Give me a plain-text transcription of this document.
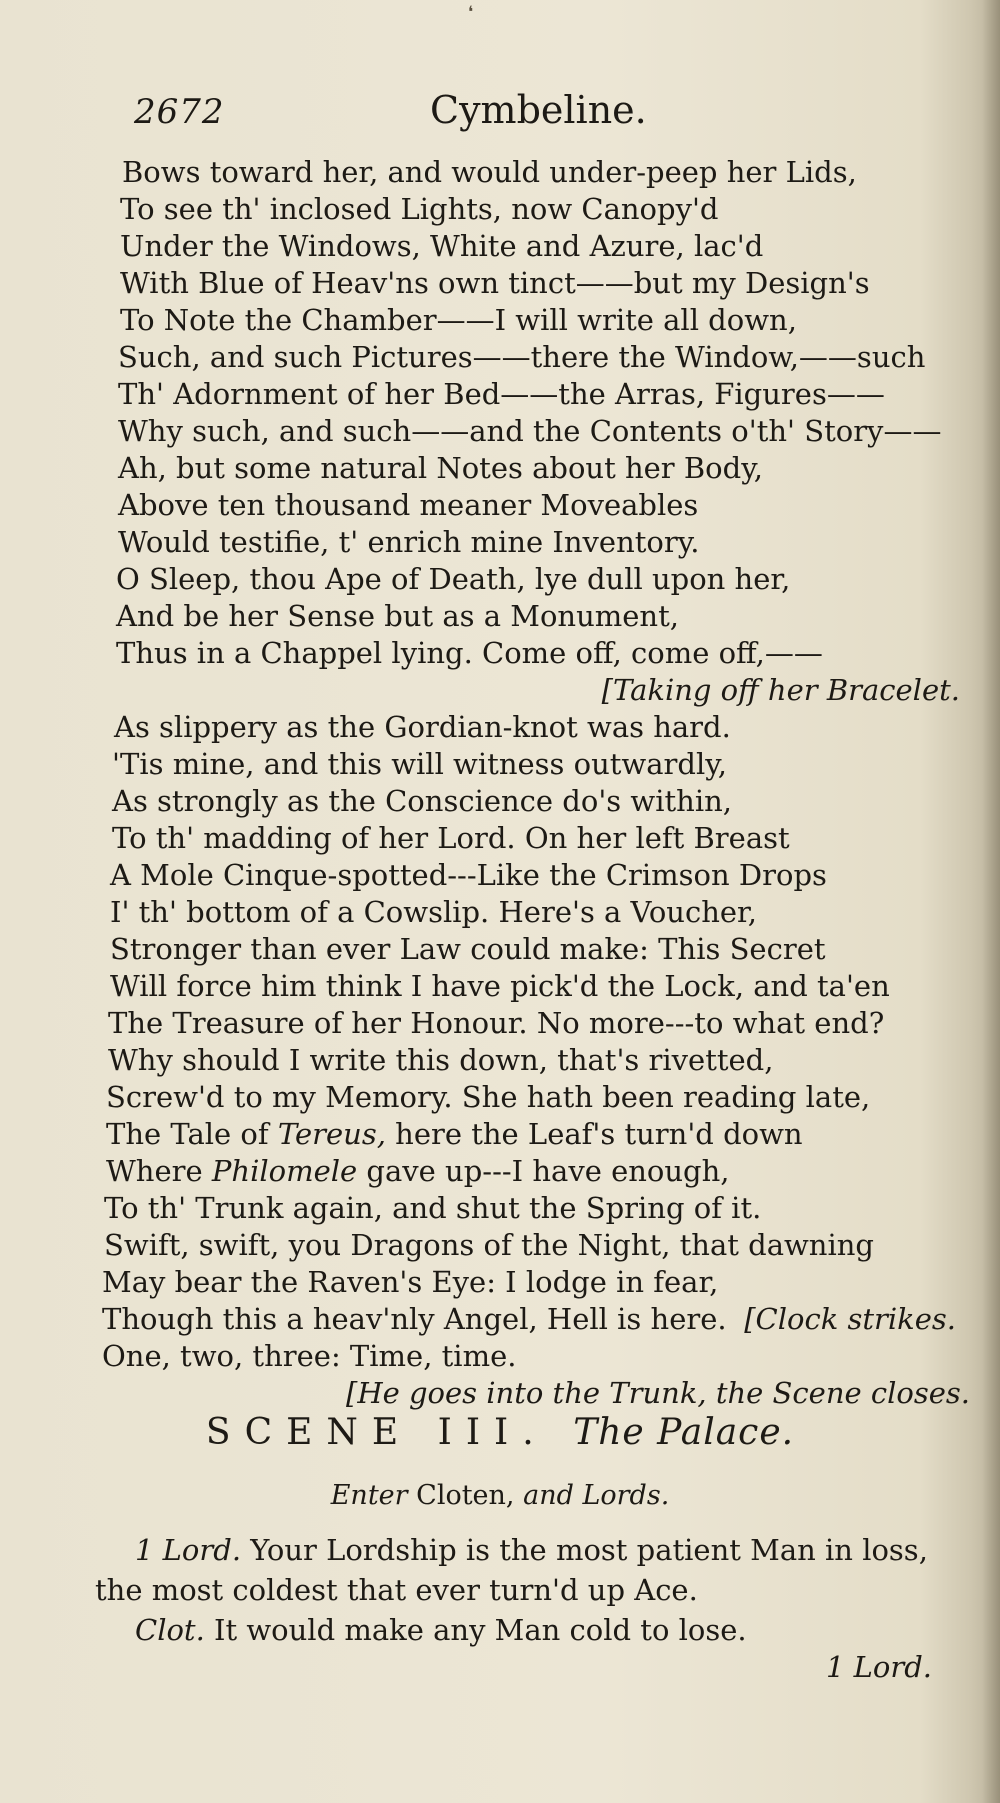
❛
2672	Cymbeline.
Bows toward her, and would under-peep her Lids,
To see th' inclosed Lights, now Canopy'd
Under the Windows, White and Azure, lac'd
With Blue of Heav'ns own tinct——but my Design's
To Note the Chamber——I will write all down,
Such, and such Pictures——there the Window,——such
Th' Adornment of her Bed——the Arras, Figures——
Why such, and such——and the Contents o'th' Story——
Ah, but some natural Notes about her Body,
Above ten thousand meaner Moveables
Would testifie, t' enrich mine Inventory.
O Sleep, thou Ape of Death, lye dull upon her,
And be her Sense but as a Monument,
Thus in a Chappel lying. Come off, come off,——
[Taking off her Bracelet.
As slippery as the Gordian-knot was hard.
'Tis mine, and this will witness outwardly,
As strongly as the Conscience do's within,
To th' madding of her Lord. On her left Breast
A Mole Cinque-spotted---Like the Crimson Drops
I' th' bottom of a Cowslip. Here's a Voucher,
Stronger than ever Law could make: This Secret
Will force him think I have pick'd the Lock, and ta'en
The Treasure of her Honour. No more---to what end?
Why should I write this down, that's rivetted,
Screw'd to my Memory. She hath been reading late,
The Tale of Tereus, here the Leaf's turn'd down
Where Philomele gave up---I have enough,
To th' Trunk again, and shut the Spring of it.
Swift, swift, you Dragons of the Night, that dawning
May bear the Raven's Eye: I lodge in fear,
Though this a heav'nly Angel, Hell is here. [Clock strikes.
One, two, three: Time, time.
[He goes into the Trunk, the Scene closes.
SCENE III. The Palace.
Enter Cloten, and Lords.
1 Lord. Your Lordship is the most patient Man in loss,
the most coldest that ever turn'd up Ace.
Clot. It would make any Man cold to lose.
1 Lord.
